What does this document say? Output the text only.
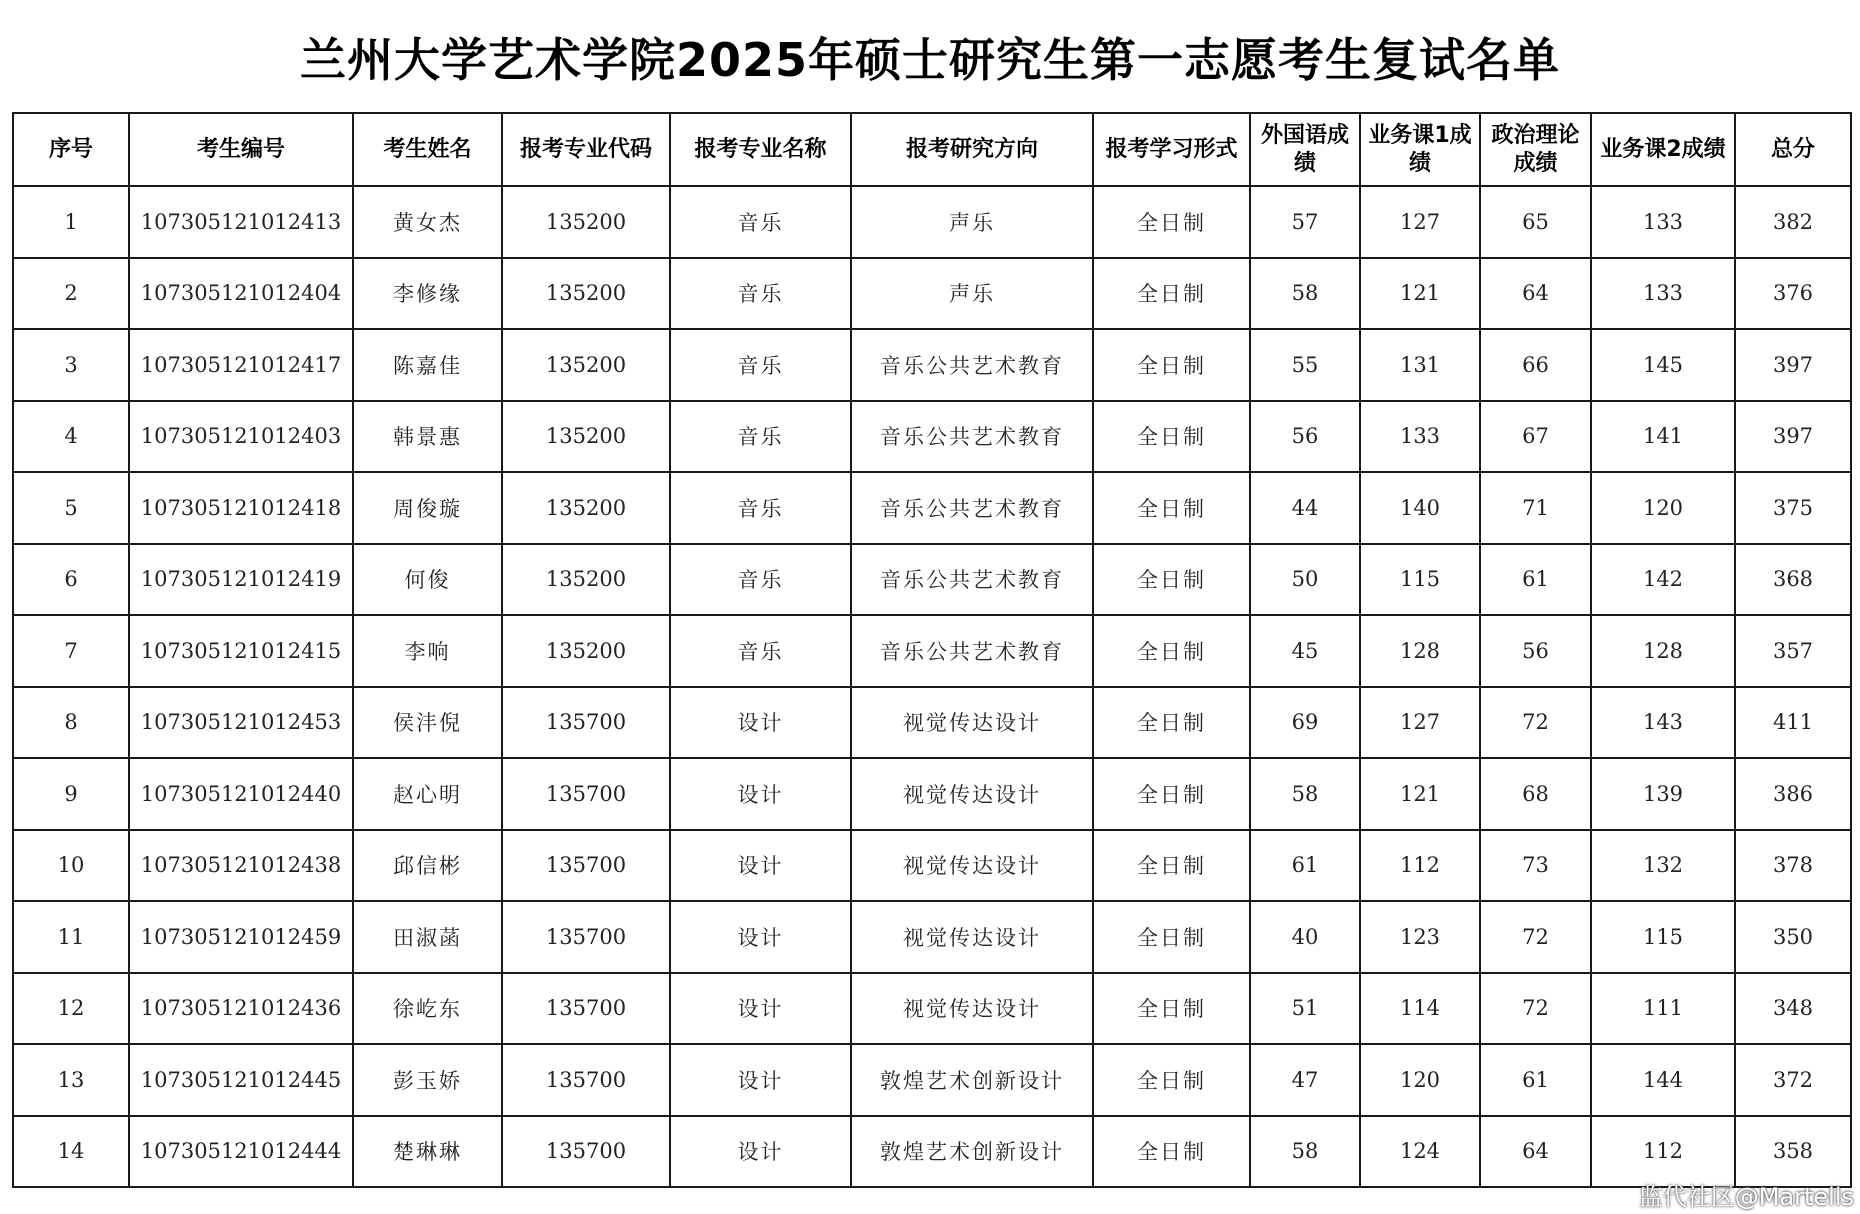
兰州大学艺术学院2025年硕士研究生第一志愿考生复试名单
序号	考生编号	考生姓名	报考专业代码	报考专业名称	报考研究方向	报考学习形式	外国语成绩	业务课1成绩	政治理论成绩	业务课2成绩	总分
1	107305121012413	黄女杰	135200	音乐	声乐	全日制	57	127	65	133	382
2	107305121012404	李修缘	135200	音乐	声乐	全日制	58	121	64	133	376
3	107305121012417	陈嘉佳	135200	音乐	音乐公共艺术教育	全日制	55	131	66	145	397
4	107305121012403	韩景惠	135200	音乐	音乐公共艺术教育	全日制	56	133	67	141	397
5	107305121012418	周俊璇	135200	音乐	音乐公共艺术教育	全日制	44	140	71	120	375
6	107305121012419	何俊	135200	音乐	音乐公共艺术教育	全日制	50	115	61	142	368
7	107305121012415	李响	135200	音乐	音乐公共艺术教育	全日制	45	128	56	128	357
8	107305121012453	侯沣倪	135700	设计	视觉传达设计	全日制	69	127	72	143	411
9	107305121012440	赵心明	135700	设计	视觉传达设计	全日制	58	121	68	139	386
10	107305121012438	邱信彬	135700	设计	视觉传达设计	全日制	61	112	73	132	378
11	107305121012459	田淑菡	135700	设计	视觉传达设计	全日制	40	123	72	115	350
12	107305121012436	徐屹东	135700	设计	视觉传达设计	全日制	51	114	72	111	348
13	107305121012445	彭玉娇	135700	设计	敦煌艺术创新设计	全日制	47	120	61	144	372
14	107305121012444	楚琳琳	135700	设计	敦煌艺术创新设计	全日制	58	124	64	112	358
监代社区@Martells
